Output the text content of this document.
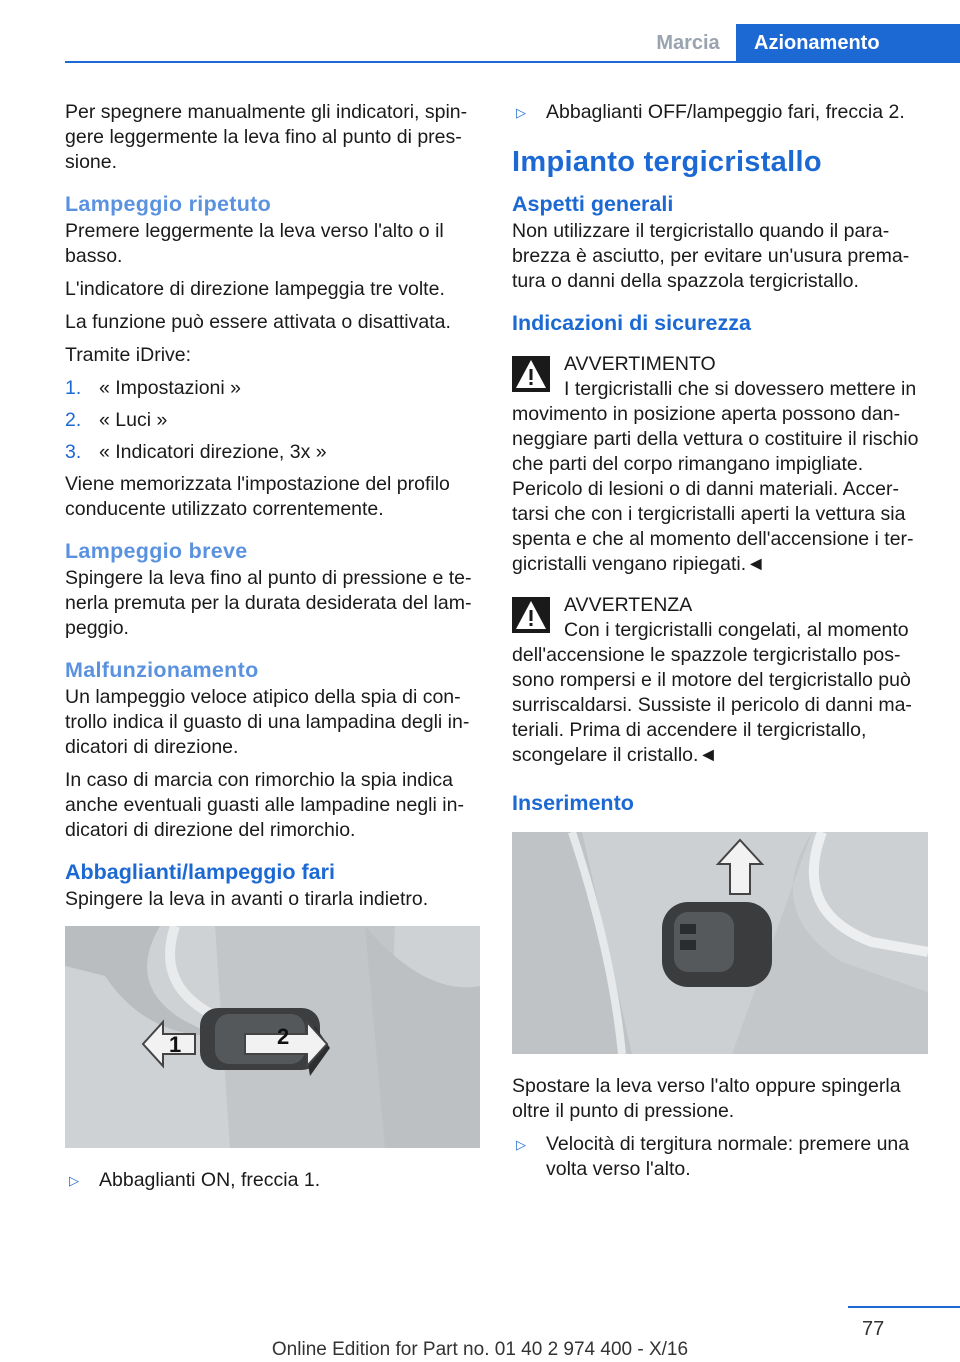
Marcia	Azionamento

Per spegnere manualmente gli indicatori, spingere leggermente la leva fino al punto di pressione.

Lampeggio ripetuto

Premere leggermente la leva verso l'alto o il basso.

L'indicatore di direzione lampeggia tre volte.

La funzione può essere attivata o disattivata.

Tramite iDrive:

1. « Impostazioni »
2. « Luci »
3. « Indicatori direzione, 3x »

Viene memorizzata l'impostazione del profilo conducente utilizzato correntemente.

Lampeggio breve

Spingere la leva fino al punto di pressione e tenerla premuta per la durata desiderata del lampeggio.

Malfunzionamento

Un lampeggio veloce atipico della spia di controllo indica il guasto di una lampadina degli indicatori di direzione.

In caso di marcia con rimorchio la spia indica anche eventuali guasti alle lampadine negli indicatori di direzione del rimorchio.

Abbaglianti/lampeggio fari

Spingere la leva in avanti o tirarla indietro.

1	2
▷ Abbaglianti ON, freccia 1.
▷ Abbaglianti OFF/lampeggio fari, freccia 2.
Impianto tergicristallo
Aspetti generali

Non utilizzare il tergicristallo quando il parabrezza è asciutto, per evitare un'usura prematura o danni della spazzola tergicristallo.

Indicazioni di sicurezza

AVVERTIMENTO

I tergicristalli che si dovessero mettere in movimento in posizione aperta possono danneggiare parti della vettura o costituire il rischio che parti del corpo rimangano impigliate. Pericolo di lesioni o di danni materiali. Accertarsi che con i tergicristalli aperti la vettura sia spenta e che al momento dell'accensione i tergicristalli vengano ripiegati.◄

AVVERTENZA

Con i tergicristalli congelati, al momento dell'accensione le spazzole tergicristallo possono rompersi e il motore del tergicristallo può surriscaldarsi. Sussiste il pericolo di danni materiali. Prima di accendere il tergicristallo, scongelare il cristallo.◄

Inserimento

Spostare la leva verso l'alto oppure spingerla oltre il punto di pressione.

▷ Velocità di tergitura normale: premere una volta verso l'alto.
77
Online Edition for Part no. 01 40 2 974 400 - X/16
